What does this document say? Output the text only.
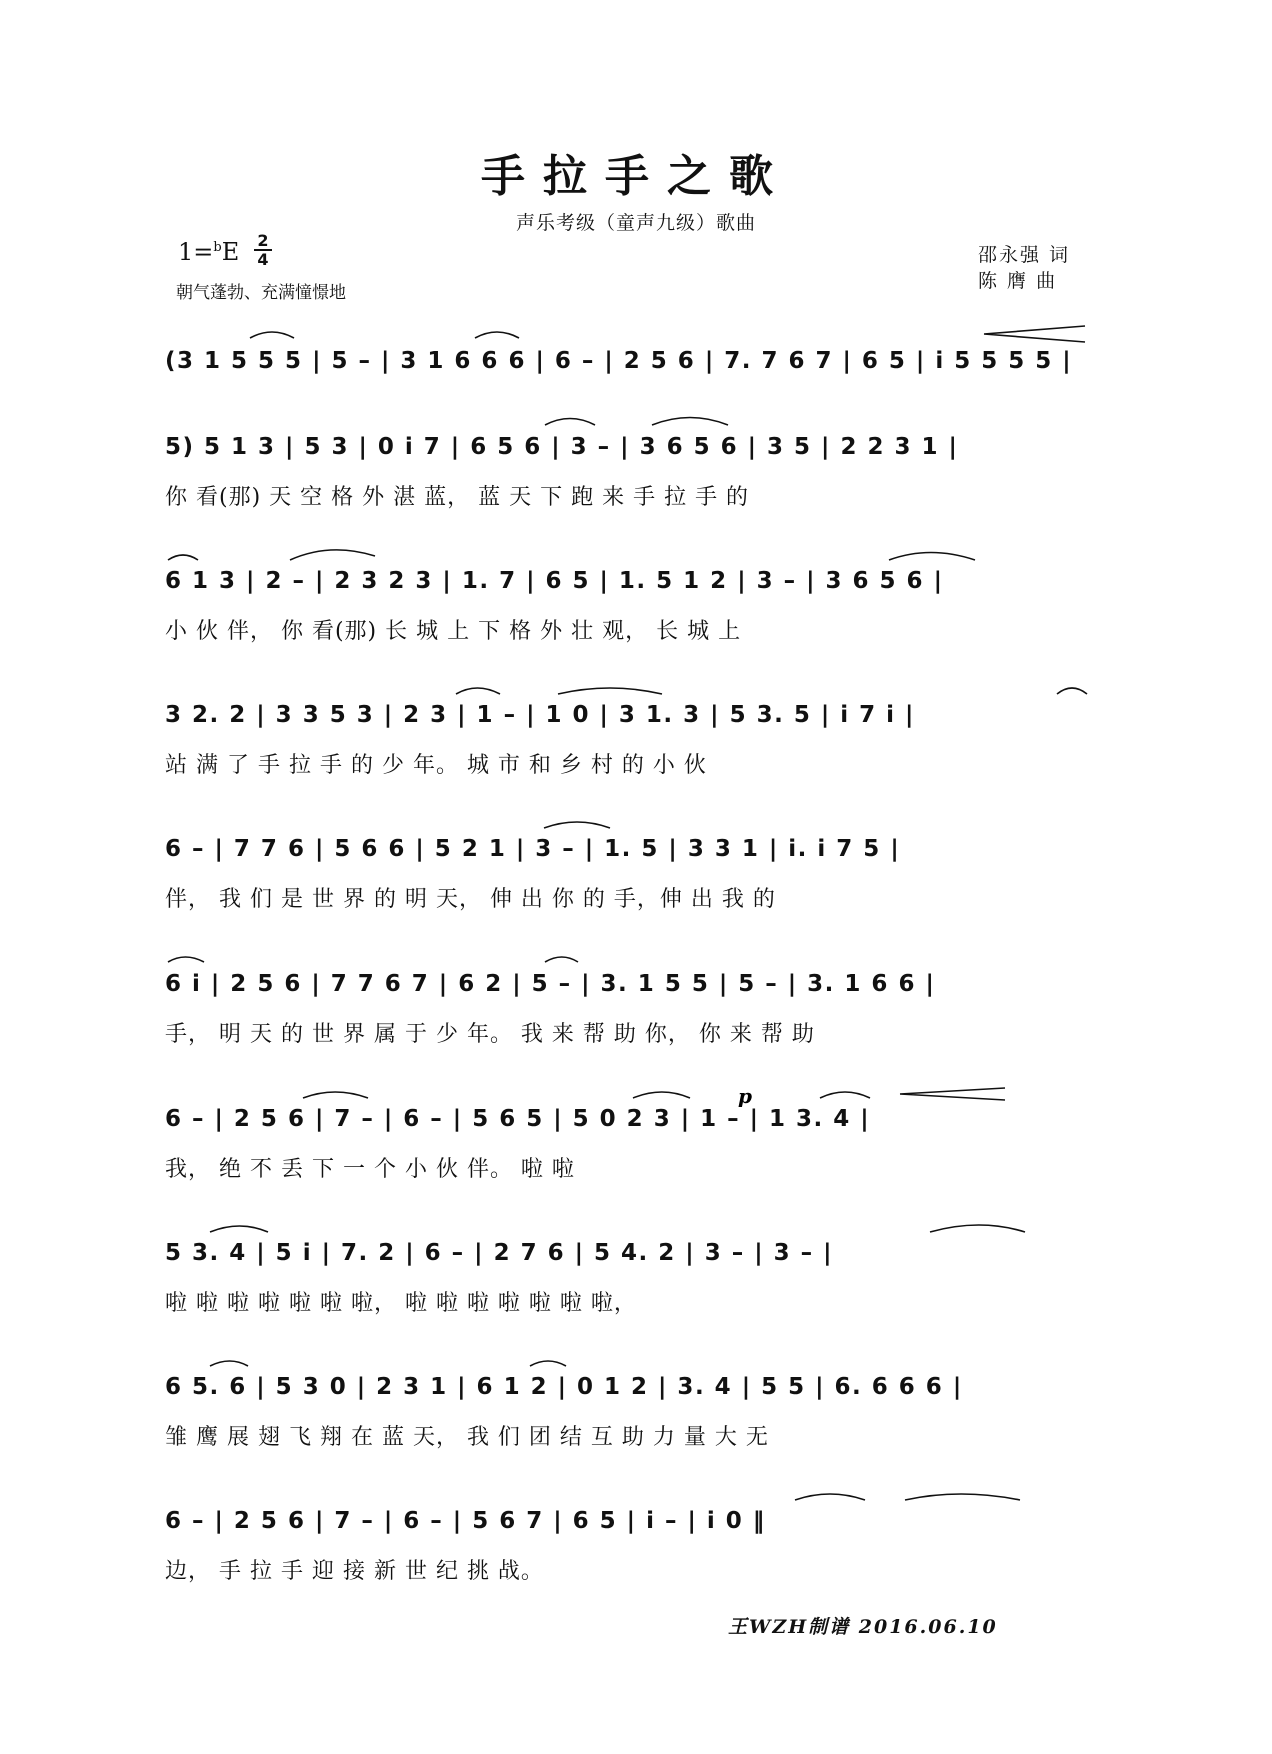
手拉手之歌
声乐考级（童声九级）歌曲
1=$^b$E 2
4
朝气蓬勃、充满憧憬地
邵永强 词
陈 膺 曲
(3 1 5 5 5 | 5 – | 3 1 6 6 6 | 6 – | 2 5 6 | 7. 7 6 7 | 6 5 | i 5 5 5 5 |
5) 5 1 3 | 5 3 | 0 i 7 | 6 5 6 | 3 – | 3 6 5 6 | 3 5 | 2 2 3 1 |
你 看(那) 天 空 格 外 湛 蓝， 蓝 天 下 跑 来 手 拉 手 的
6 1 3 | 2 – | 2 3 2 3 | 1. 7 | 6 5 | 1. 5 1 2 | 3 – | 3 6 5 6 |
小 伙 伴， 你 看(那) 长 城 上 下 格 外 壮 观， 长 城 上
3 2. 2 | 3 3 5 3 | 2 3 | 1 – | 1 0 | 3 1. 3 | 5 3. 5 | i 7 i |
站 满 了 手 拉 手 的 少 年。 城 市 和 乡 村 的 小 伙
6 – | 7 7 6 | 5 6 6 | 5 2 1 | 3 – | 1. 5 | 3 3 1 | i. i 7 5 |
伴， 我 们 是 世 界 的 明 天， 伸 出 你 的 手，伸 出 我 的
6 i | 2 5 6 | 7 7 6 7 | 6 2 | 5 – | 3. 1 5 5 | 5 – | 3. 1 6 6 |
手， 明 天 的 世 界 属 于 少 年。 我 来 帮 助 你， 你 来 帮 助
6 – | 2 5 6 | 7 – | 6 – | 5 6 5 | 5 0 2 3 | 1 – | 1 3. 4 |
我， 绝 不 丢 下 一 个 小 伙 伴。 啦 啦
5 3. 4 | 5 i | 7. 2 | 6 – | 2 7 6 | 5 4. 2 | 3 – | 3 – |
啦 啦 啦 啦 啦 啦 啦， 啦 啦 啦 啦 啦 啦 啦，
6 5. 6 | 5 3 0 | 2 3 1 | 6 1 2 | 0 1 2 | 3. 4 | 5 5 | 6. 6 6 6 |
雏 鹰 展 翅 飞 翔 在 蓝 天， 我 们 团 结 互 助 力 量 大 无
6 – | 2 5 6 | 7 – | 6 – | 5 6 7 | 6 5 | i – | i 0 ‖
边， 手 拉 手 迎 接 新 世 纪 挑 战。
p
王WZH制谱 2016.06.10
